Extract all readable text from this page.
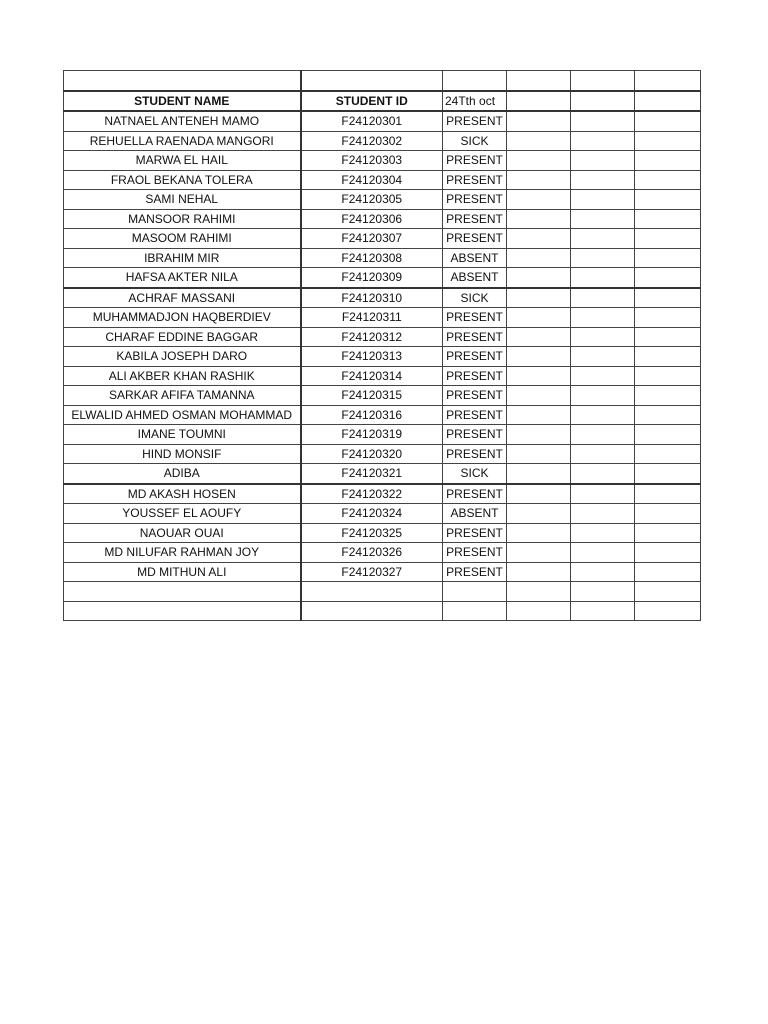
STUDENT NAME	STUDENT ID	24Tth oct			
NATNAEL ANTENEH MAMO	F24120301	PRESENT			
REHUELLA RAENADA MANGORI	F24120302	SICK			
MARWA EL HAIL	F24120303	PRESENT			
FRAOL BEKANA TOLERA	F24120304	PRESENT			
SAMI NEHAL	F24120305	PRESENT			
MANSOOR RAHIMI	F24120306	PRESENT			
MASOOM RAHIMI	F24120307	PRESENT			
IBRAHIM MIR	F24120308	ABSENT			
HAFSA AKTER NILA	F24120309	ABSENT			
ACHRAF MASSANI	F24120310	SICK			
MUHAMMADJON HAQBERDIEV	F24120311	PRESENT			
CHARAF EDDINE BAGGAR	F24120312	PRESENT			
KABILA JOSEPH DARO	F24120313	PRESENT			
ALI AKBER KHAN RASHIK	F24120314	PRESENT			
SARKAR AFIFA TAMANNA	F24120315	PRESENT			
ELWALID AHMED OSMAN MOHAMMAD	F24120316	PRESENT			
IMANE TOUMNI	F24120319	PRESENT			
HIND MONSIF	F24120320	PRESENT			
ADIBA	F24120321	SICK			
MD AKASH HOSEN	F24120322	PRESENT			
YOUSSEF EL AOUFY	F24120324	ABSENT			
NAOUAR OUAI	F24120325	PRESENT			
MD NILUFAR RAHMAN JOY	F24120326	PRESENT			
MD MITHUN ALI	F24120327	PRESENT			
